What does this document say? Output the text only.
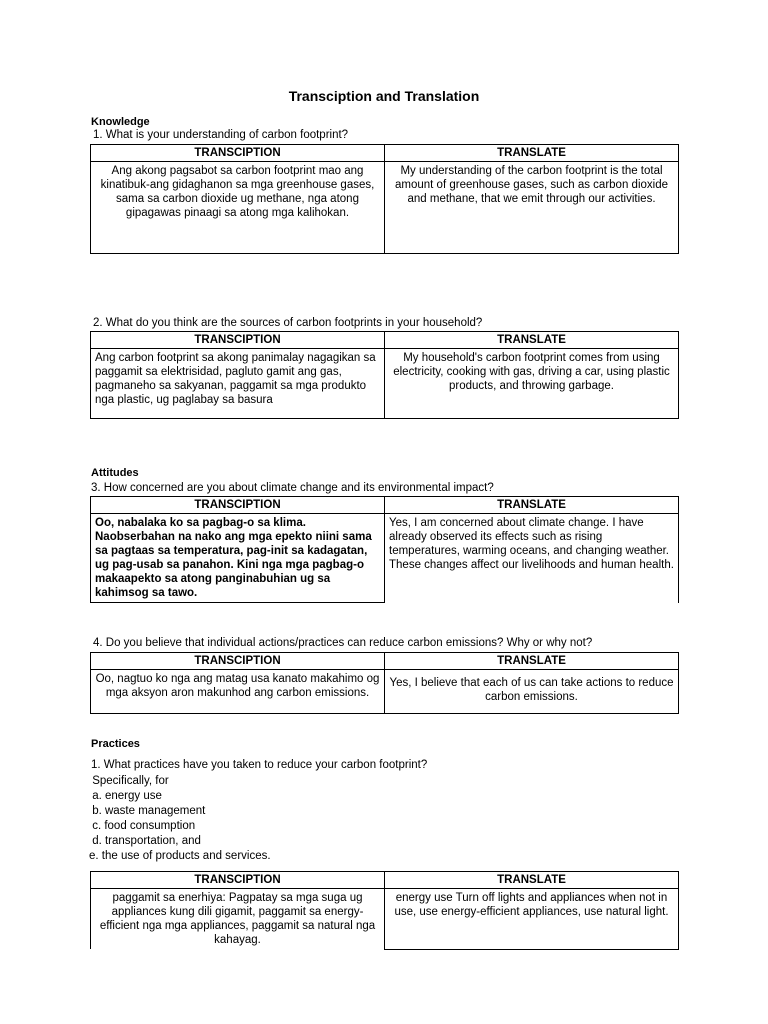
Transciption and Translation
Knowledge
1. What is your understanding of carbon footprint?
TRANSCIPTION	TRANSLATE
Ang akong pagsabot sa carbon footprint mao ang kinatibuk-ang gidaghanon sa mga greenhouse gases, sama sa carbon dioxide ug methane, nga atong gipagawas pinaagi sa atong mga kalihokan.	My understanding of the carbon footprint is the total amount of greenhouse gases, such as carbon dioxide and methane, that we emit through our activities.
2. What do you think are the sources of carbon footprints in your household?
TRANSCIPTION	TRANSLATE
Ang carbon footprint sa akong panimalay nagagikan sa paggamit sa elektrisidad, pagluto gamit ang gas, pagmaneho sa sakyanan, paggamit sa mga produkto nga plastic, ug paglabay sa basura	My household's carbon footprint comes from using electricity, cooking with gas, driving a car, using plastic products, and throwing garbage.
Attitudes
3. How concerned are you about climate change and its environmental impact?
TRANSCIPTION	TRANSLATE
Oo, nabalaka ko sa pagbag-o sa klima. Naobserbahan na nako ang mga epekto niini sama sa pagtaas sa temperatura, pag-init sa kadagatan, ug pag-usab sa panahon. Kini nga mga pagbag-o makaapekto sa atong panginabuhian ug sa kahimsog sa tawo.	Yes, I am concerned about climate change. I have already observed its effects such as rising temperatures, warming oceans, and changing weather. These changes affect our livelihoods and human health.
4. Do you believe that individual actions/practices can reduce carbon emissions? Why or why not?
TRANSCIPTION	TRANSLATE
Oo, nagtuo ko nga ang matag usa kanato makahimo og mga aksyon aron makunhod ang carbon emissions.	Yes, I believe that each of us can take actions to reduce carbon emissions.
Practices
1. What practices have you taken to reduce your carbon footprint?
Specifically, for
a. energy use
b. waste management
c. food consumption
d. transportation, and
e. the use of products and services.
TRANSCIPTION	TRANSLATE
paggamit sa enerhiya: Pagpatay sa mga suga ug appliances kung dili gigamit, paggamit sa energy-efficient nga mga appliances, paggamit sa natural nga kahayag.	energy use Turn off lights and appliances when not in use, use energy-efficient appliances, use natural light.
